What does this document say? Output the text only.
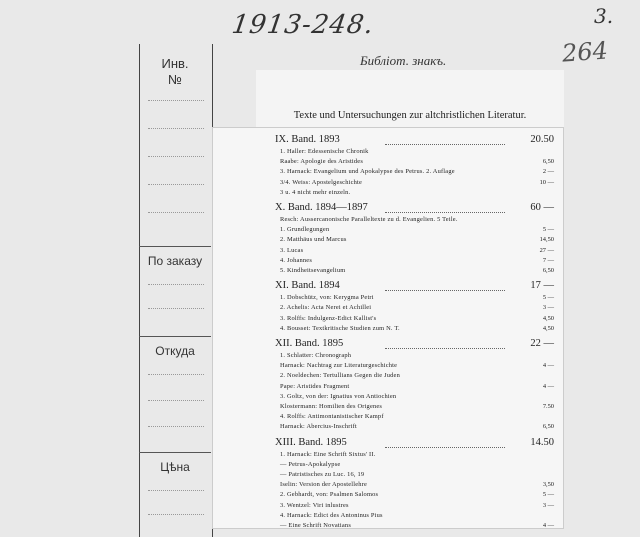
1913-248.	3.
264
Инв.
№
Библіот. знакъ.
По заказу
Откуда
Цѣна
Texte und Untersuchungen zur altchristlichen Literatur.
IX. Band. 1893	20.50
1. Haller: Edessenische Chronik
Raabe: Apologie des Aristides	6,50
3. Harnack: Evangelium und Apokalypse des Petrus. 2. Auflage	2 —
3/4. Weiss: Apostelgeschichte	10 —
3 u. 4 nicht mehr einzeln.
X. Band. 1894—1897	60 —
Resch: Aussercanonische Paralleltexte zu d. Evangelien. 5 Teile.
1. Grundlegungen	5 —
2. Matthäus und Marcus	14,50
3. Lucas	27 —
4. Johannes	7 —
5. Kindheitsevangelium	6,50
XI. Band. 1894	17 —
1. Dobschütz, von: Kerygma Petri	5 —
2. Achelis: Acta Nerei et Achillei	3 —
3. Rolffs: Indulgenz-Edict Kallist's	4,50
4. Bousset: Textkritische Studien zum N. T.	4,50
XII. Band. 1895	22 —
1. Schlatter: Chronograph
Harnack: Nachtrag zur Literaturgeschichte	4 —
2. Noeldechen: Tertullians Gegen die Juden
Pape: Aristides Fragment	4 —
3. Goltz, von der: Ignatius von Antiochien
Klostermann: Homilien des Origenes	7.50
4. Rolffs: Antimontanistischer Kampf
Harnack: Abercius-Inschrift	6,50
XIII. Band. 1895	14.50
1. Harnack: Eine Schrift Sixtus' II.
— Petrus-Apokalypse
— Patristisches zu Luc. 16, 19
Iselin: Version der Apostellehre	3,50
2. Gebhardt, von: Psalmen Salomos	5 —
3. Wentzel: Viri inlustres	3 —
4. Harnack: Edict des Antoninus Pius
— Eine Schrift Novatians	4 —
